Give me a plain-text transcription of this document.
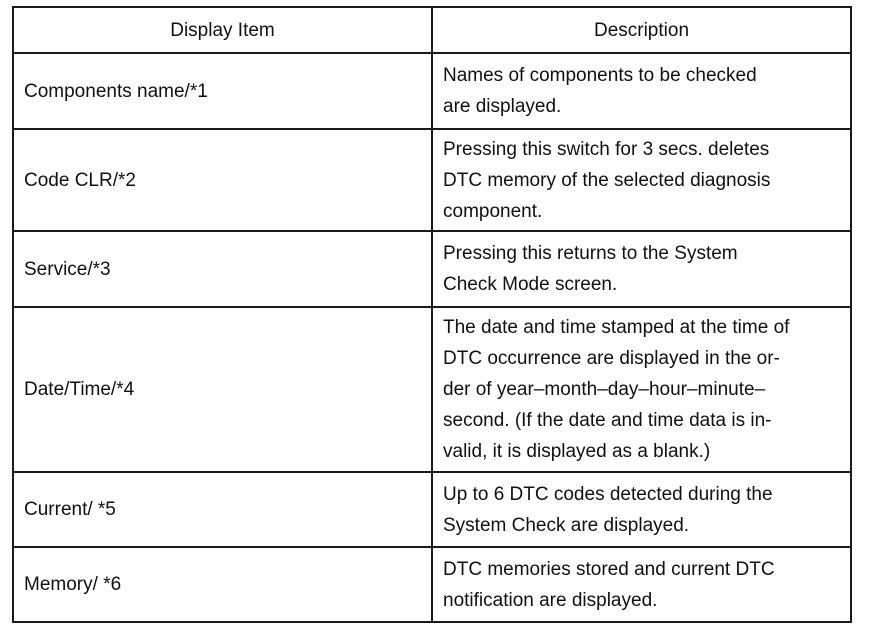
Display Item	Description
Components name/*1	Names of components to be checked
are displayed.

Code CLR/*2	Pressing this switch for 3 secs. deletes
DTC memory of the selected diagnosis
component.

Service/*3	Pressing this returns to the System
Check Mode screen.

Date/Time/*4	The date and time stamped at the time of
DTC occurrence are displayed in the or-
der of year–month–day–hour–minute–
second. (If the date and time data is in-
valid, it is displayed as a blank.)

Current/ *5	Up to 6 DTC codes detected during the
System Check are displayed.

Memory/ *6	DTC memories stored and current DTC
notification are displayed.
